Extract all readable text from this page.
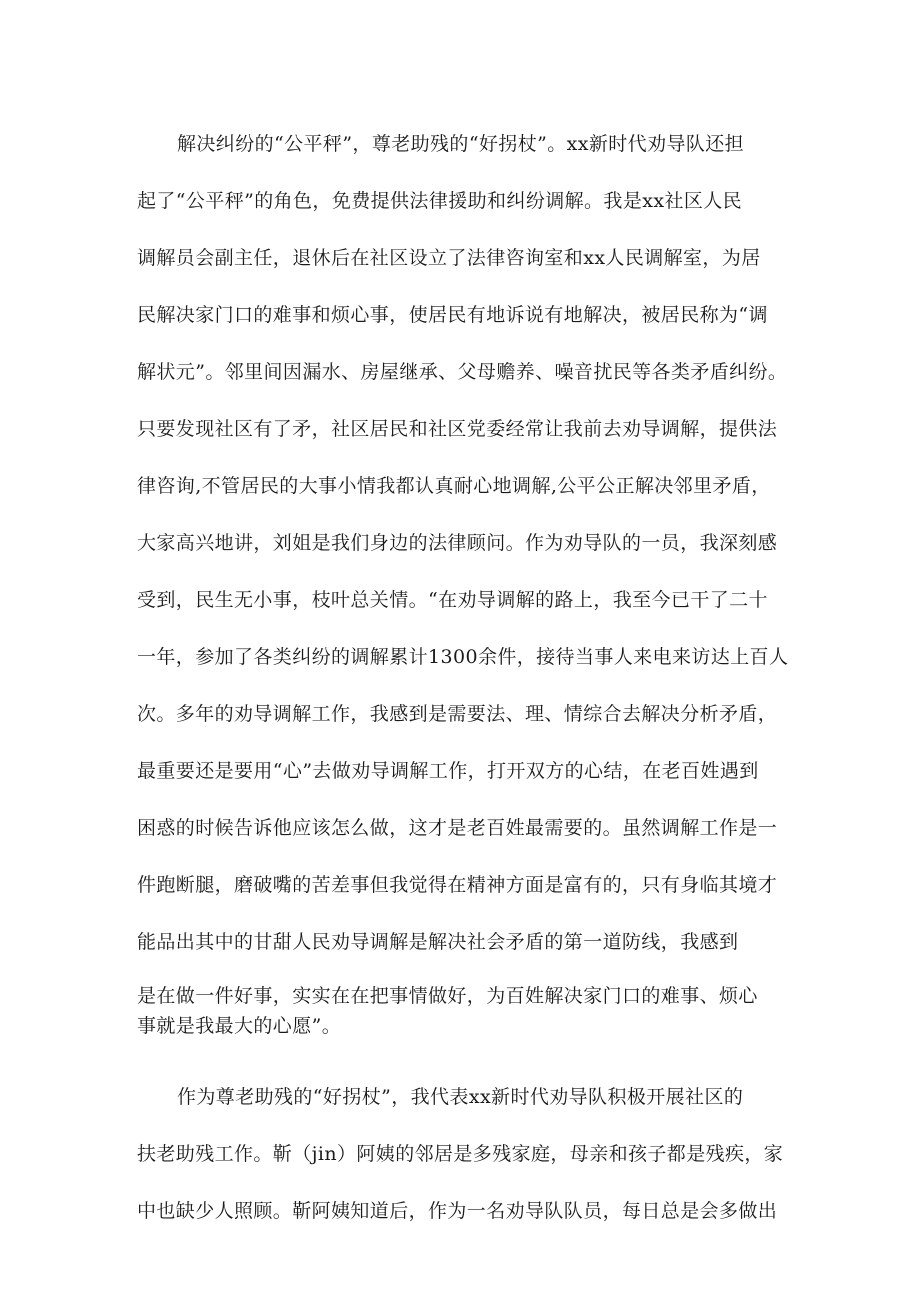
解决纠纷的“公平秤”，尊老助残的“好拐杖”。xx新时代劝导队还担
起了“公平秤”的角色，免费提供法律援助和纠纷调解。我是xx社区人民
调解员会副主任，退休后在社区设立了法律咨询室和xx人民调解室，为居
民解决家门口的难事和烦心事，使居民有地诉说有地解决，被居民称为“调
解状元”。邻里间因漏水、房屋继承、父母赡养、噪音扰民等各类矛盾纠纷。
只要发现社区有了矛，社区居民和社区党委经常让我前去劝导调解，提供法
律咨询,不管居民的大事小情我都认真耐心地调解,公平公正解决邻里矛盾，
大家高兴地讲，刘姐是我们身边的法律顾问。作为劝导队的一员，我深刻感
受到，民生无小事，枝叶总关情。“在劝导调解的路上，我至今已干了二十
一年，参加了各类纠纷的调解累计1300余件，接待当事人来电来访达上百人
次。多年的劝导调解工作，我感到是需要法、理、情综合去解决分析矛盾，
最重要还是要用“心”去做劝导调解工作，打开双方的心结，在老百姓遇到
困惑的时候告诉他应该怎么做，这才是老百姓最需要的。虽然调解工作是一
件跑断腿，磨破嘴的苦差事但我觉得在精神方面是富有的，只有身临其境才
能品出其中的甘甜人民劝导调解是解决社会矛盾的第一道防线，我感到
是在做一件好事，实实在在把事情做好，为百姓解决家门口的难事、烦心
事就是我最大的心愿”。
作为尊老助残的“好拐杖”，我代表xx新时代劝导队积极开展社区的
扶老助残工作。靳（jin）阿姨的邻居是多残家庭，母亲和孩子都是残疾，家
中也缺少人照顾。靳阿姨知道后，作为一名劝导队队员，每日总是会多做出
